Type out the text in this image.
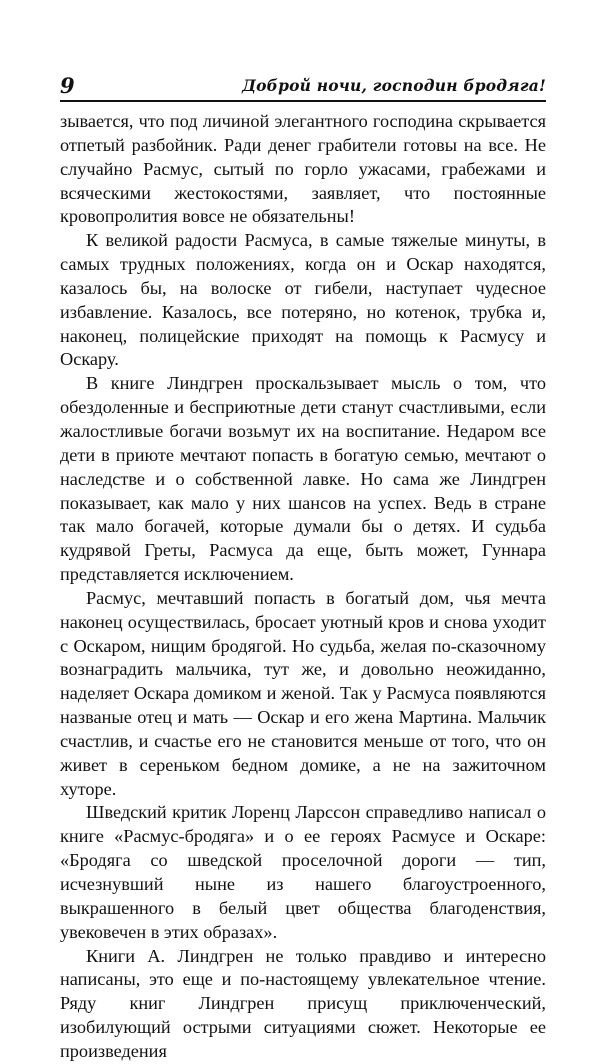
9	Доброй ночи, господин бродяга!

зывается, что под личиной элегантного господина скрывается отпетый разбойник. Ради денег грабители готовы на все. Не случайно Расмус, сытый по горло ужасами, грабежами и всяческими жестокостями, заявляет, что постоянные кровопролития вовсе не обязательны!

К великой радости Расмуса, в самые тяжелые минуты, в самых трудных положениях, когда он и Оскар находятся, казалось бы, на волоске от гибели, наступает чудесное избавление. Казалось, все потеряно, но котенок, трубка и, наконец, полицейские приходят на помощь к Расмусу и Оскару.

В книге Линдгрен проскальзывает мысль о том, что обездоленные и бесприютные дети станут счастливыми, если жалостливые богачи возьмут их на воспитание. Недаром все дети в приюте мечтают попасть в богатую семью, мечтают о наследстве и о собственной лавке. Но сама же Линдгрен показывает, как мало у них шансов на успех. Ведь в стране так мало богачей, которые думали бы о детях. И судьба кудрявой Греты, Расмуса да еще, быть может, Гуннара представляется исключением.

Расмус, мечтавший попасть в богатый дом, чья мечта наконец осуществилась, бросает уютный кров и снова уходит с Оскаром, нищим бродягой. Но судьба, желая по-сказочному вознаградить мальчика, тут же, и довольно неожиданно, наделяет Оскара домиком и женой. Так у Расмуса появляются названые отец и мать — Оскар и его жена Мартина. Мальчик счастлив, и счастье его не становится меньше от того, что он живет в сереньком бедном домике, а не на зажиточном хуторе.

Шведский критик Лоренц Ларссон справедливо написал о книге «Расмус-бродяга» и о ее героях Расмусе и Оскаре: «Бродяга со шведской проселочной дороги — тип, исчезнувший ныне из нашего благоустроенного, выкрашенного в белый цвет общества благоденствия, увековечен в этих образах».

Книги А. Линдгрен не только правдиво и интересно написаны, это еще и по-настоящему увлекательное чтение. Ряду книг Линдгрен присущ приключенческий, изобилующий острыми ситуациями сюжет. Некоторые ее произведения
